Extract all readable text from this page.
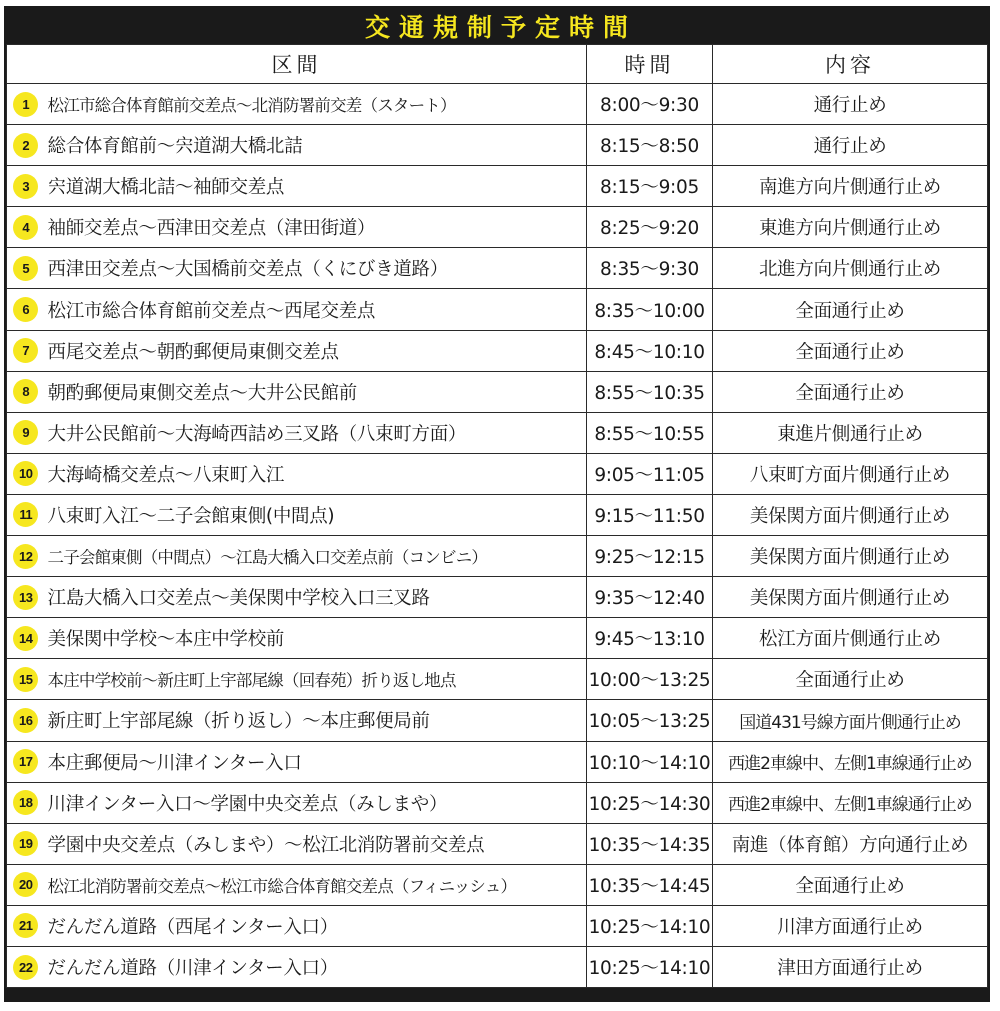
交通規制予定時間
区間		時間	内容
1	松江市総合体育館前交差点～北消防署前交差（スタート）	8:00～9:30	通行止め
2	総合体育館前～宍道湖大橋北詰	8:15～8:50	通行止め
3	宍道湖大橋北詰～袖師交差点	8:15～9:05	南進方向片側通行止め
4	袖師交差点～西津田交差点（津田街道）	8:25～9:20	東進方向片側通行止め
5	西津田交差点～大国橋前交差点（くにびき道路）	8:35～9:30	北進方向片側通行止め
6	松江市総合体育館前交差点～西尾交差点	8:35～10:00	全面通行止め
7	西尾交差点～朝酌郵便局東側交差点	8:45～10:10	全面通行止め
8	朝酌郵便局東側交差点～大井公民館前	8:55～10:35	全面通行止め
9	大井公民館前～大海崎西詰め三叉路（八束町方面）	8:55～10:55	東進片側通行止め
10	大海崎橋交差点～八束町入江	9:05～11:05	八束町方面片側通行止め
11	八束町入江～二子会館東側(中間点)	9:15～11:50	美保関方面片側通行止め
12	二子会館東側（中間点）～江島大橋入口交差点前（コンビニ）	9:25～12:15	美保関方面片側通行止め
13	江島大橋入口交差点～美保関中学校入口三叉路	9:35～12:40	美保関方面片側通行止め
14	美保関中学校～本庄中学校前	9:45～13:10	松江方面片側通行止め
15	本庄中学校前～新庄町上宇部尾線（回春苑）折り返し地点	10:00～13:25	全面通行止め
16	新庄町上宇部尾線（折り返し）～本庄郵便局前	10:05～13:25	国道431号線方面片側通行止め
17	本庄郵便局～川津インター入口	10:10～14:10	西進2車線中、左側1車線通行止め
18	川津インター入口～学園中央交差点（みしまや）	10:25～14:30	西進2車線中、左側1車線通行止め
19	学園中央交差点（みしまや）～松江北消防署前交差点	10:35～14:35	南進（体育館）方向通行止め
20	松江北消防署前交差点～松江市総合体育館交差点（フィニッシュ）	10:35～14:45	全面通行止め
21	だんだん道路（西尾インター入口）	10:25～14:10	川津方面通行止め
22	だんだん道路（川津インター入口）	10:25～14:10	津田方面通行止め
